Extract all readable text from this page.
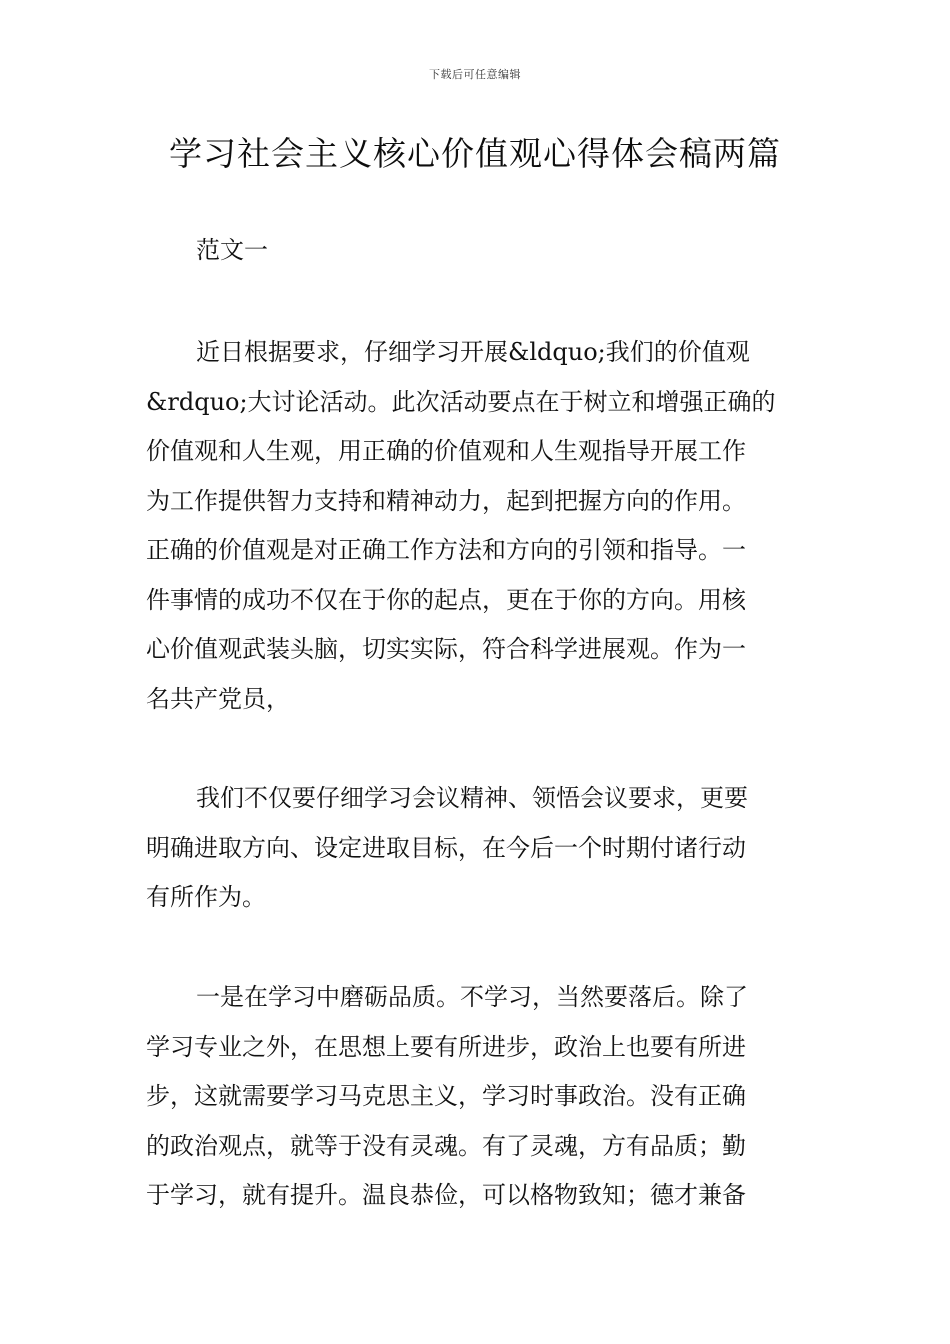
下载后可任意编辑
学习社会主义核心价值观心得体会稿两篇

范文一

近日根据要求，仔细学习开展&ldquo;我们的价值观
&rdquo;大讨论活动。此次活动要点在于树立和增强正确的
价值观和人生观，用正确的价值观和人生观指导开展工作
为工作提供智力支持和精神动力，起到把握方向的作用。
正确的价值观是对正确工作方法和方向的引领和指导。一
件事情的成功不仅在于你的起点，更在于你的方向。用核
心价值观武装头脑，切实实际，符合科学进展观。作为一
名共产党员，
我们不仅要仔细学习会议精神、领悟会议要求，更要
明确进取方向、设定进取目标，在今后一个时期付诸行动
有所作为。
一是在学习中磨砺品质。不学习，当然要落后。除了
学习专业之外，在思想上要有所进步，政治上也要有所进
步，这就需要学习马克思主义，学习时事政治。没有正确
的政治观点，就等于没有灵魂。有了灵魂，方有品质；勤
于学习，就有提升。温良恭俭，可以格物致知；德才兼备
